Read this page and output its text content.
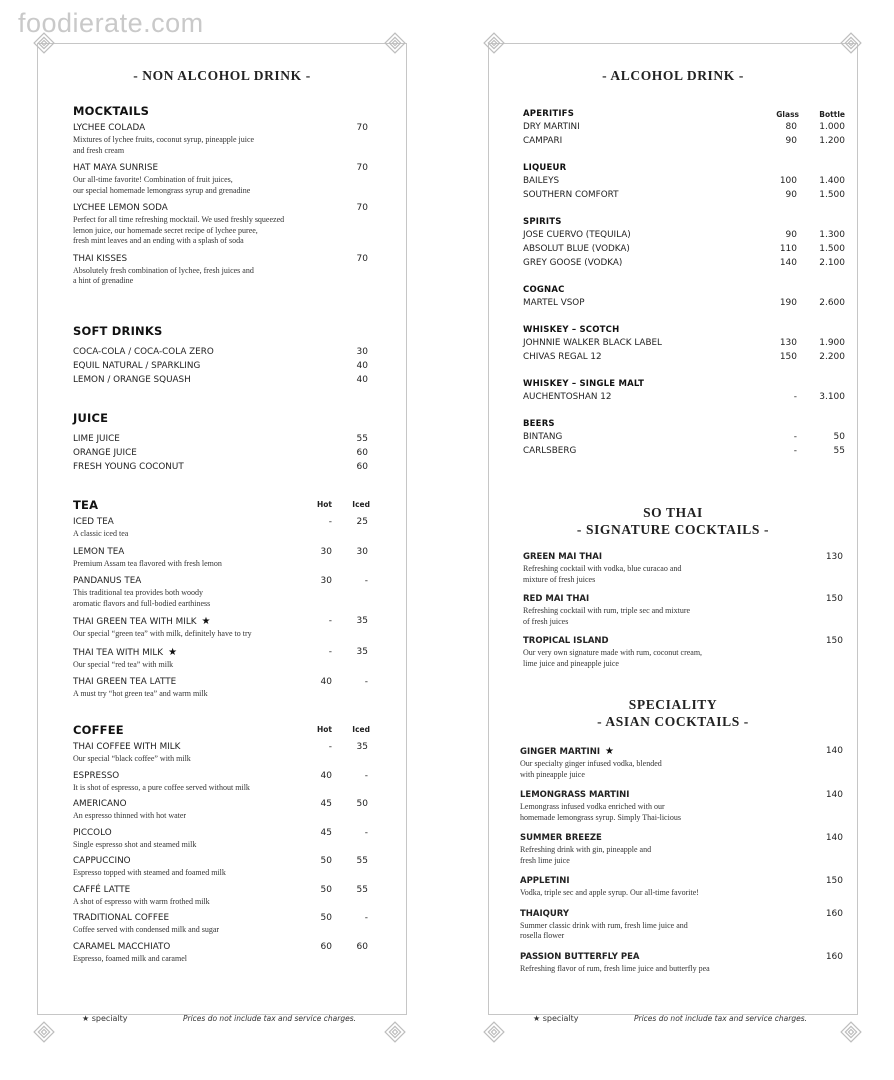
foodierate.com
- NON ALCOHOL DRINK -
MOCKTAILS
LYCHEE COLADA
Mixtures of lychee fruits, coconut syrup, pineapple juice
and fresh cream
70
HAT MAYA SUNRISE
Our all-time favorite! Combination of fruit juices,
our special homemade lemongrass syrup and grenadine
70
LYCHEE LEMON SODA
Perfect for all time refreshing mocktail. We used freshly squeezed
lemon juice, our homemade secret recipe of lychee puree,
fresh mint leaves and an ending with a splash of soda
70
THAI KISSES
Absolutely fresh combination of lychee, fresh juices and
a hint of grenadine
70
SOFT DRINKS
COCA-COLA / COCA-COLA ZERO	30
EQUIL NATURAL / SPARKLING	40
LEMON / ORANGE SQUASH	40
JUICE
LIME JUICE	55
ORANGE JUICE	60
FRESH YOUNG COCONUT	60
TEA	Hot	Iced
ICED TEA
A classic iced tea
-	25
LEMON TEA
Premium Assam tea flavored with fresh lemon
30	30
PANDANUS TEA
This traditional tea provides both woody
aromatic flavors and full-bodied earthiness
30	-
THAI GREEN TEA WITH MILK ★
Our special “green tea” with milk, definitely have to try
-	35
THAI TEA WITH MILK ★
Our special “red tea” with milk
-	35
THAI GREEN TEA LATTE
A must try “hot green tea” and warm milk
40	-
COFFEE	Hot	Iced
THAI COFFEE WITH MILK
Our special “black coffee” with milk
-	35
ESPRESSO
It is shot of espresso, a pure coffee served without milk
40	-
AMERICANO
An espresso thinned with hot water
45	50
PICCOLO
Single espresso shot and steamed milk
45	-
CAPPUCCINO
Espresso topped with steamed and foamed milk
50	55
CAFFÉ LATTE
A shot of espresso with warm frothed milk
50	55
TRADITIONAL COFFEE
Coffee served with condensed milk and sugar
50	-
CARAMEL MACCHIATO
Espresso, foamed milk and caramel
60	60
★ specialty	Prices do not include tax and service charges.
- ALCOHOL DRINK -
Glass	Bottle
APERITIFS
DRY MARTINI	80 1.000
CAMPARI	90 1.200
LIQUEUR
BAILEYS	100 1.400
SOUTHERN COMFORT	90 1.500
SPIRITS
JOSE CUERVO (TEQUILA)	90 1.300
ABSOLUT BLUE (VODKA)	110 1.500
GREY GOOSE (VODKA)	140 2.100
COGNAC
MARTEL VSOP	190 2.600
WHISKEY – SCOTCH
JOHNNIE WALKER BLACK LABEL	130 1.900
CHIVAS REGAL 12	150 2.200
WHISKEY – SINGLE MALT
AUCHENTOSHAN 12	- 3.100
BEERS
BINTANG	-	50
CARLSBERG	-	55
SO THAI
- SIGNATURE COCKTAILS -
GREEN MAI THAI
Refreshing cocktail with vodka, blue curacao and
mixture of fresh juices
130
RED MAI THAI
Refreshing cocktail with rum, triple sec and mixture
of fresh juices
150
TROPICAL ISLAND
Our very own signature made with rum, coconut cream,
lime juice and pineapple juice
150
SPECIALITY
- ASIAN COCKTAILS -
GINGER MARTINI ★
Our specialty ginger infused vodka, blended
with pineapple juice
140
LEMONGRASS MARTINI
Lemongrass infused vodka enriched with our
homemade lemongrass syrup. Simply Thai-licious
140
SUMMER BREEZE
Refreshing drink with gin, pineapple and
fresh lime juice
140
APPLETINI
Vodka, triple sec and apple syrup. Our all-time favorite!
150
THAIQURY
Summer classic drink with rum, fresh lime juice and
rosella flower
160
PASSION BUTTERFLY PEA
Refreshing flavor of rum, fresh lime juice and butterfly pea
160
★ specialty	Prices do not include tax and service charges.
